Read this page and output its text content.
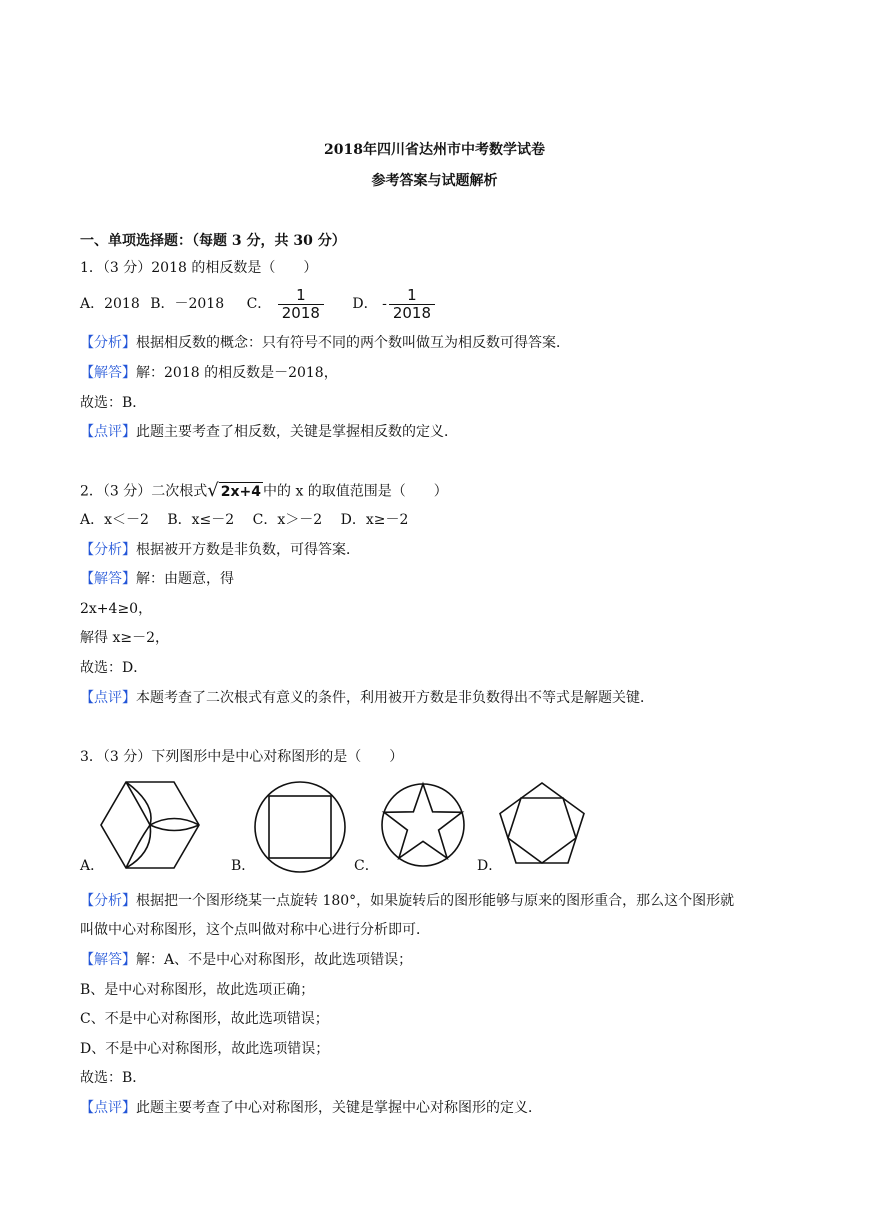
2018年四川省达州市中考数学试卷
参考答案与试题解析
一、单项选择题：（每题 3 分，共 30 分）
1．（3 分）2018 的相反数是（　　）
A．2018 B．－2018 C． $\frac{1}{2018}$ D． - $\frac{1}{2018}$
【分析】根据相反数的概念：只有符号不同的两个数叫做互为相反数可得答案．
【解答】解：2018 的相反数是－2018，
故选：B．
【点评】此题主要考查了相反数，关键是掌握相反数的定义．
2．（3 分）二次根式√ 2x+4 中的 x 的取值范围是（　　）
A．x＜－2　 B．x≤－2　 C．x＞－2　 D．x≥－2
【分析】根据被开方数是非负数，可得答案．
【解答】解：由题意，得
2x+4≥0，
解得 x≥－2，
故选：D．
【点评】本题考查了二次根式有意义的条件，利用被开方数是非负数得出不等式是解题关键．
3．（3 分）下列图形中是中心对称图形的是（　　）
A．	B．	C．	D．
【分析】根据把一个图形绕某一点旋转 180°，如果旋转后的图形能够与原来的图形重合，那么这个图形就
叫做中心对称图形，这个点叫做对称中心进行分析即可．
【解答】解：A、不是中心对称图形，故此选项错误；
B、是中心对称图形，故此选项正确；
C、不是中心对称图形，故此选项错误；
D、不是中心对称图形，故此选项错误；
故选：B．
【点评】此题主要考查了中心对称图形，关键是掌握中心对称图形的定义．
